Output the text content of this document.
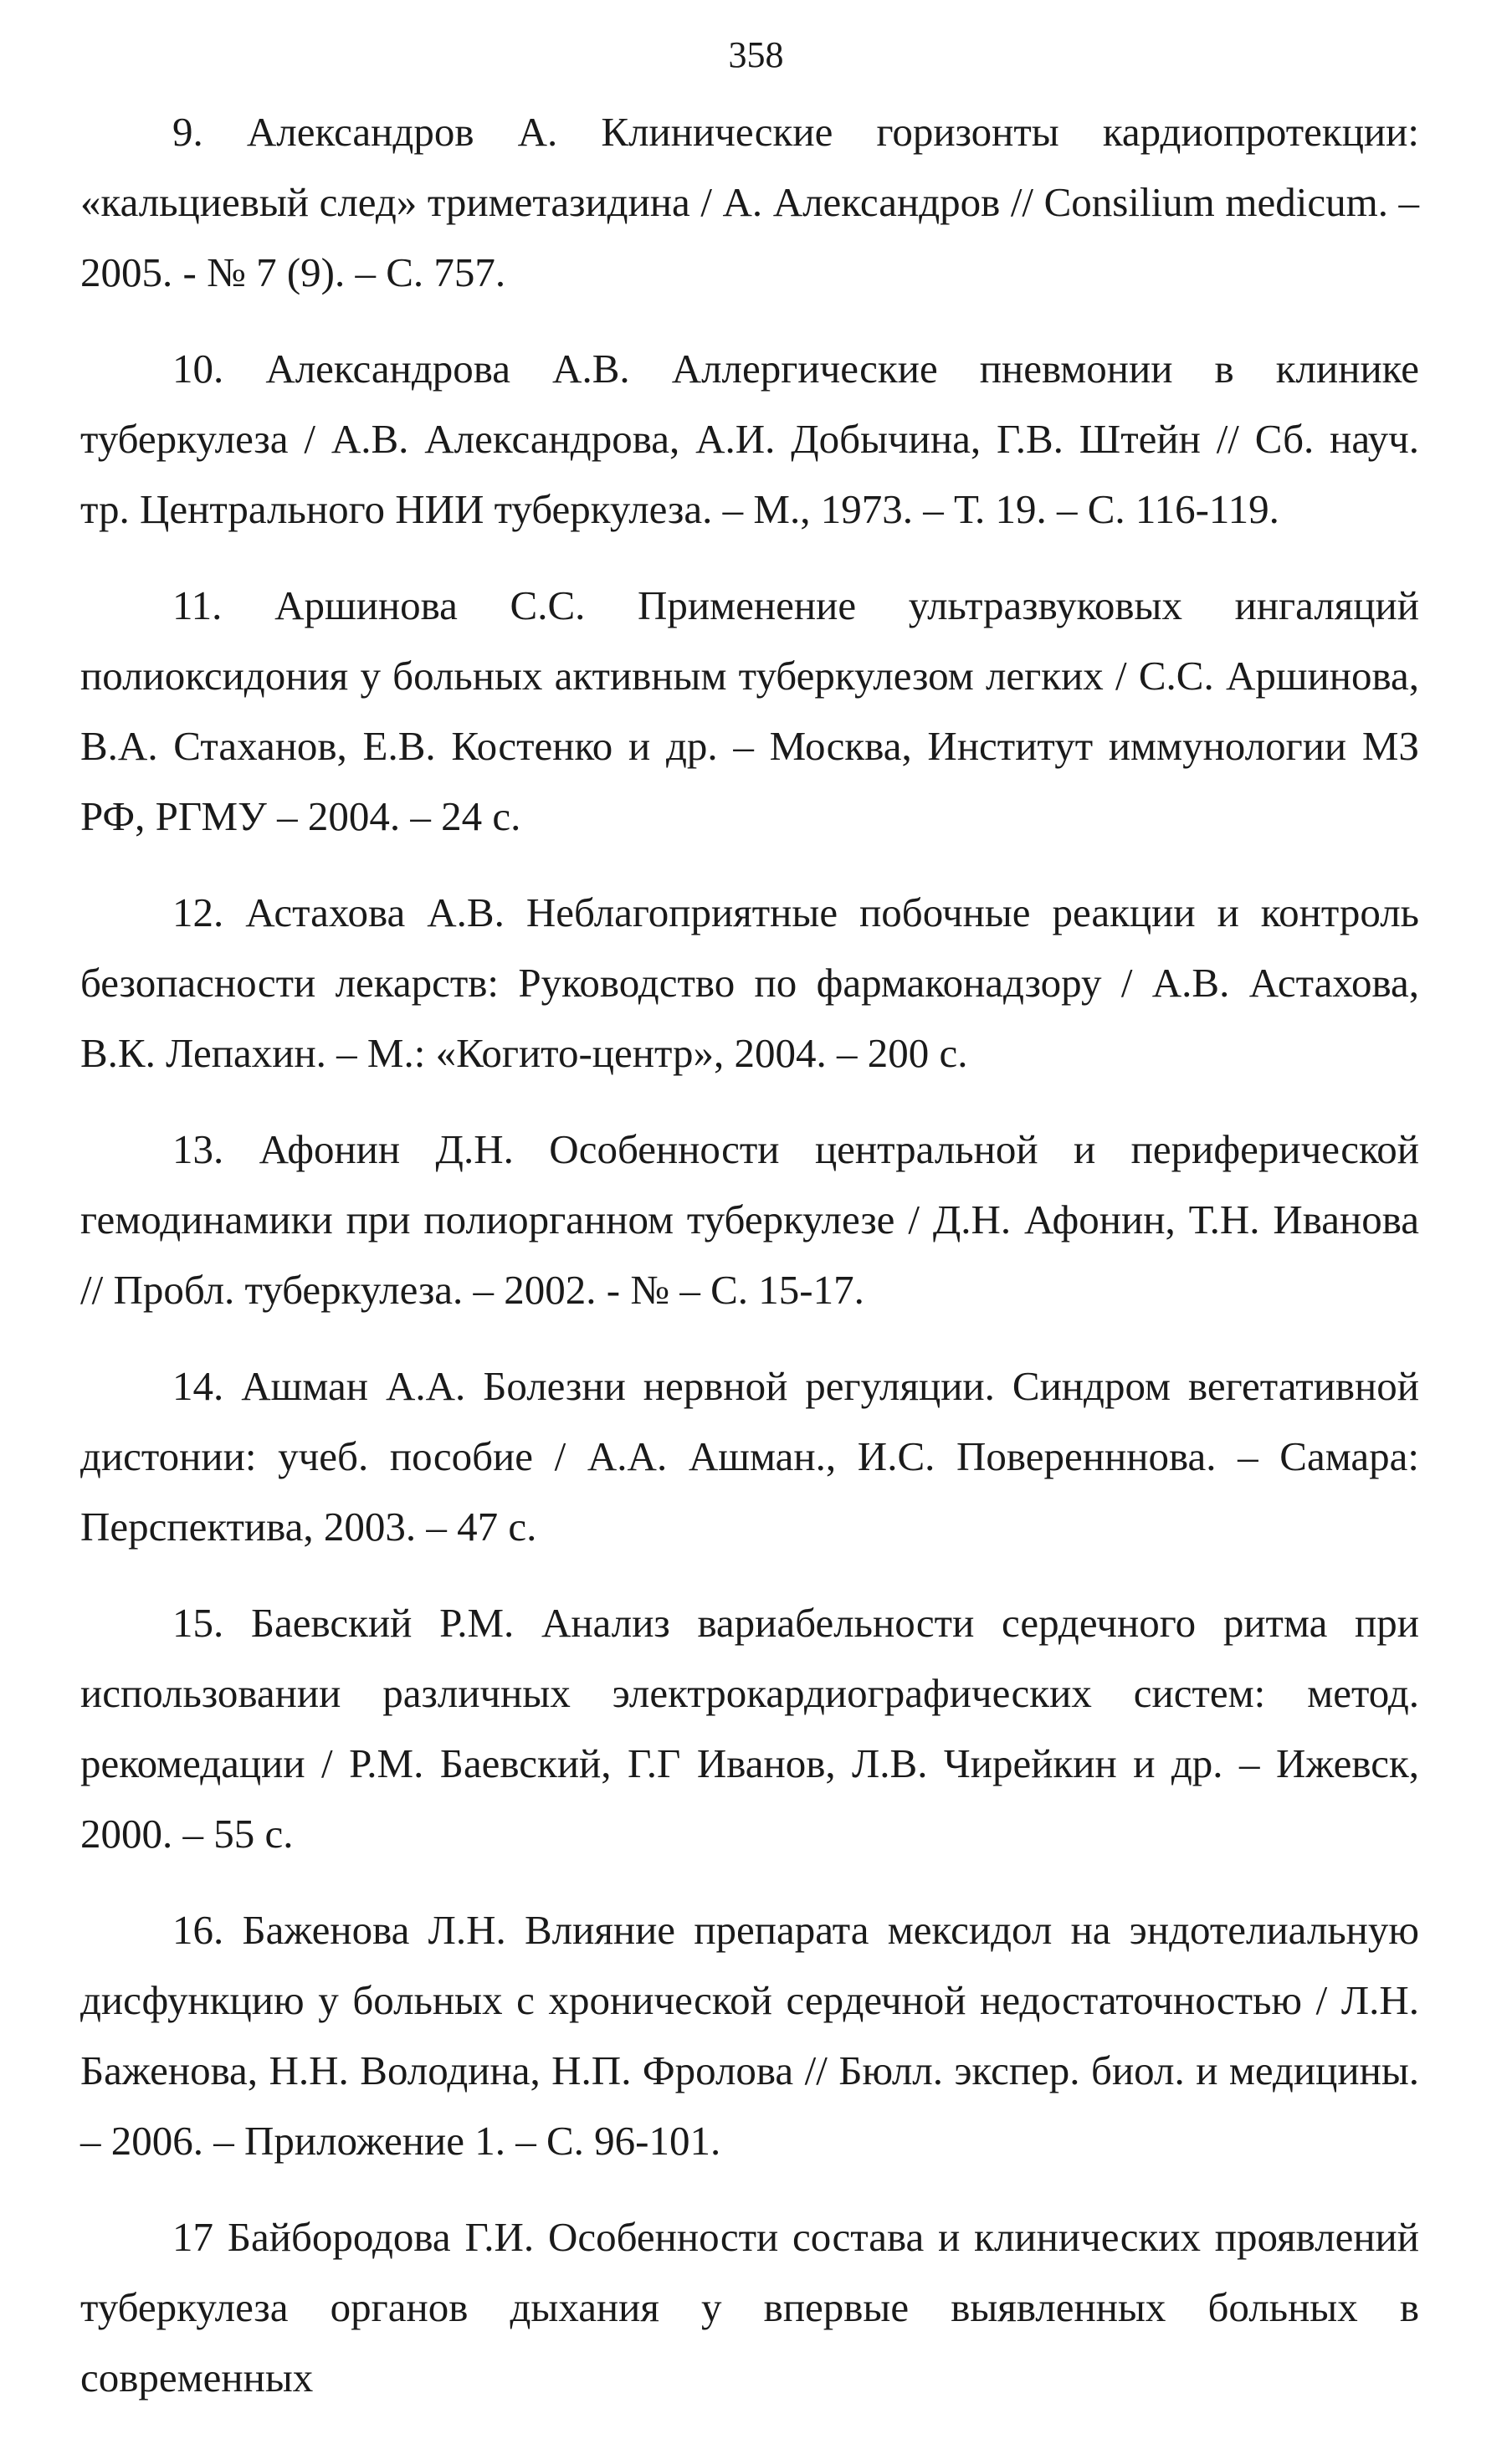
358
9. Александров А. Клинические горизонты кардиопротекции: «кальциевый след» триметазидина / А. Александров // Consilium medicum. – 2005. - № 7 (9). – С. 757.
10. Александрова А.В. Аллергические пневмонии в клинике туберкулеза / А.В. Александрова, А.И. Добычина, Г.В. Штейн // Сб. науч. тр. Центрального НИИ туберкулеза. – М., 1973. – Т. 19. – С. 116-119.
11. Аршинова С.С. Применение ультразвуковых ингаляций полиоксидония у больных активным туберкулезом легких / С.С. Аршинова, В.А. Стаханов, Е.В. Костенко и др. – Москва, Институт иммунологии МЗ РФ, РГМУ – 2004. – 24 с.
12. Астахова А.В. Неблагоприятные побочные реакции и контроль безопасности лекарств: Руководство по фармаконадзору / А.В. Астахова, В.К. Лепахин. – М.: «Когито-центр», 2004. – 200 с.
13. Афонин Д.Н. Особенности центральной и периферической гемодинамики при полиорганном туберкулезе / Д.Н. Афонин, Т.Н. Иванова // Пробл. туберкулеза. – 2002. - № – С. 15-17.
14. Ашман А.А. Болезни нервной регуляции. Синдром вегетативной дистонии: учеб. пособие / А.А. Ашман., И.С. Поверенннова. – Самара: Перспектива, 2003. – 47 с.
15. Баевский Р.М. Анализ вариабельности сердечного ритма при использовании различных электрокардиографических систем: метод. рекомедации / Р.М. Баевский, Г.Г Иванов, Л.В. Чирейкин и др. – Ижевск, 2000. – 55 с.
16. Баженова Л.Н. Влияние препарата мексидол на эндотелиальную дисфункцию у больных с хронической сердечной недостаточностью / Л.Н. Баженова, Н.Н. Володина, Н.П. Фролова // Бюлл. экспер. биол. и медицины. – 2006. – Приложение 1. – С. 96-101.
17 Байбородова Г.И. Особенности состава и клинических проявлений туберкулеза органов дыхания у впервые выявленных больных в современных
